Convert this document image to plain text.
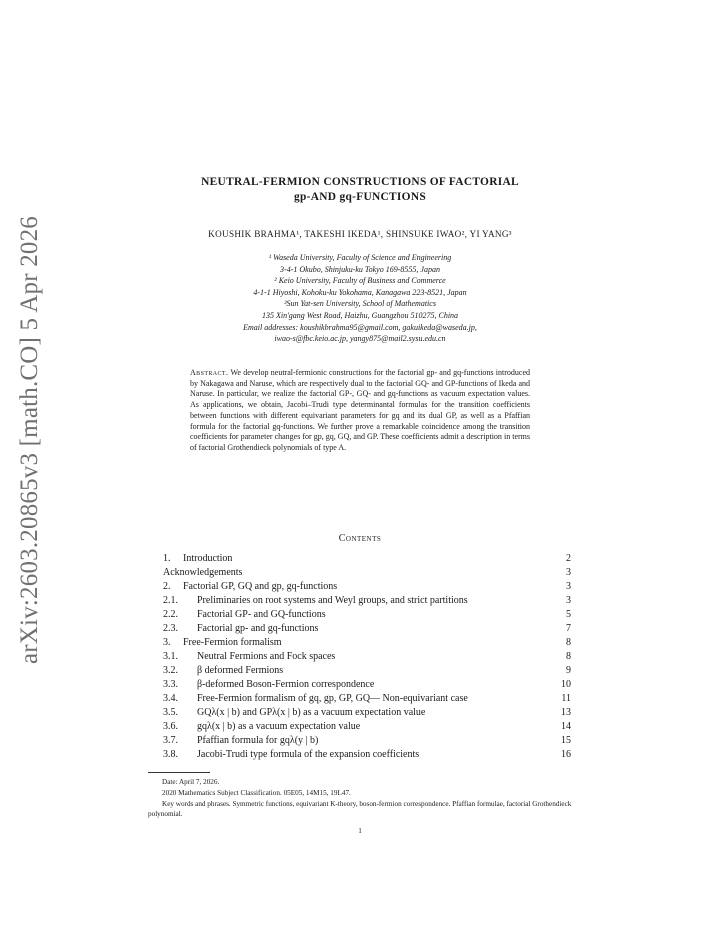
arXiv:2603.20865v3 [math.CO] 5 Apr 2026
NEUTRAL-FERMION CONSTRUCTIONS OF FACTORIAL
gp-AND gq-FUNCTIONS
KOUSHIK BRAHMA¹, TAKESHI IKEDA¹, SHINSUKE IWAO², YI YANG³
¹ Waseda University, Faculty of Science and Engineering
3-4-1 Okubo, Shinjuku-ku Tokyo 169-8555, Japan
² Keio University, Faculty of Business and Commerce
4-1-1 Hiyoshi, Kohoku-ku Yokohama, Kanagawa 223-8521, Japan
³Sun Yat-sen University, School of Mathematics
135 Xin'gang West Road, Haizhu, Guangzhou 510275, China
Email addresses: koushikbrahma95@gmail.com, gakuikeda@waseda.jp,
iwao-s@fbc.keio.ac.jp, yangy875@mail2.sysu.edu.cn
Abstract. We develop neutral-fermionic constructions for the factorial gp- and gq-functions introduced by Nakagawa and Naruse, which are respectively dual to the factorial GQ- and GP-functions of Ikeda and Naruse. In particular, we realize the factorial GP-, GQ- and gq-functions as vacuum expectation values. As applications, we obtain, Jacobi–Trudi type determinantal formulas for the transition coefficients between functions with different equivariant parameters for gq and its dual GP, as well as a Pfaffian formula for the factorial gq-functions. We further prove a remarkable coincidence among the transition coefficients for parameter changes for gp, gq, GQ, and GP. These coefficients admit a description in terms of factorial Grothendieck polynomials of type A.
Contents
1.	Introduction	2
Acknowledgements	3
2.	Factorial GP, GQ and gp, gq-functions	3
2.1.	Preliminaries on root systems and Weyl groups, and strict partitions	3
2.2.	Factorial GP- and GQ-functions	5
2.3.	Factorial gp- and gq-functions	7
3.	Free-Fermion formalism	8
3.1.	Neutral Fermions and Fock spaces	8
3.2.	β deformed Fermions	9
3.3.	β-deformed Boson-Fermion correspondence	10
3.4.	Free-Fermion formalism of gq, gp, GP, GQ— Non-equivariant case	11
3.5.	GQλ(x | b) and GPλ(x | b) as a vacuum expectation value	13
3.6.	gqλ(x | b) as a vacuum expectation value	14
3.7.	Pfaffian formula for gqλ(y | b)	15
3.8.	Jacobi-Trudi type formula of the expansion coefficients	16
Date: April 7, 2026.
2020 Mathematics Subject Classification. 05E05, 14M15, 19L47.
Key words and phrases. Symmetric functions, equivariant K-theory, boson-fermion correspondence. Pfaffian formulae, factorial Grothendieck polynomial.
1
